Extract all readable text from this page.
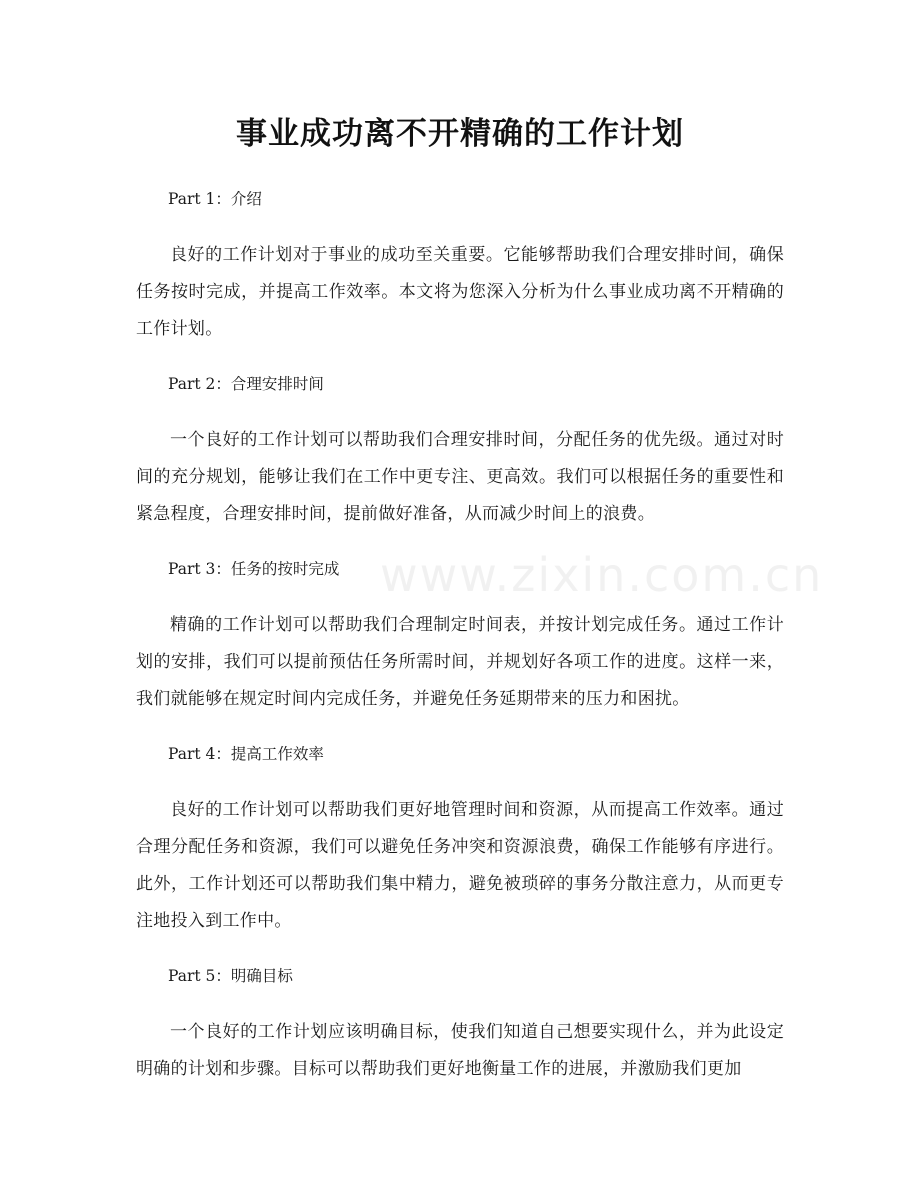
www.zixin.com.cn
事业成功离不开精确的工作计划
Part 1：介绍

良好的工作计划对于事业的成功至关重要。它能够帮助我们合理安排时间，确保任务按时完成，并提高工作效率。本文将为您深入分析为什么事业成功离不开精确的工作计划。

Part 2：合理安排时间

一个良好的工作计划可以帮助我们合理安排时间，分配任务的优先级。通过对时间的充分规划，能够让我们在工作中更专注、更高效。我们可以根据任务的重要性和紧急程度，合理安排时间，提前做好准备，从而减少时间上的浪费。

Part 3：任务的按时完成

精确的工作计划可以帮助我们合理制定时间表，并按计划完成任务。通过工作计划的安排，我们可以提前预估任务所需时间，并规划好各项工作的进度。这样一来，我们就能够在规定时间内完成任务，并避免任务延期带来的压力和困扰。

Part 4：提高工作效率

良好的工作计划可以帮助我们更好地管理时间和资源，从而提高工作效率。通过合理分配任务和资源，我们可以避免任务冲突和资源浪费，确保工作能够有序进行。此外，工作计划还可以帮助我们集中精力，避免被琐碎的事务分散注意力，从而更专注地投入到工作中。

Part 5：明确目标

一个良好的工作计划应该明确目标，使我们知道自己想要实现什么，并为此设定明确的计划和步骤。目标可以帮助我们更好地衡量工作的进展，并激励我们更加
